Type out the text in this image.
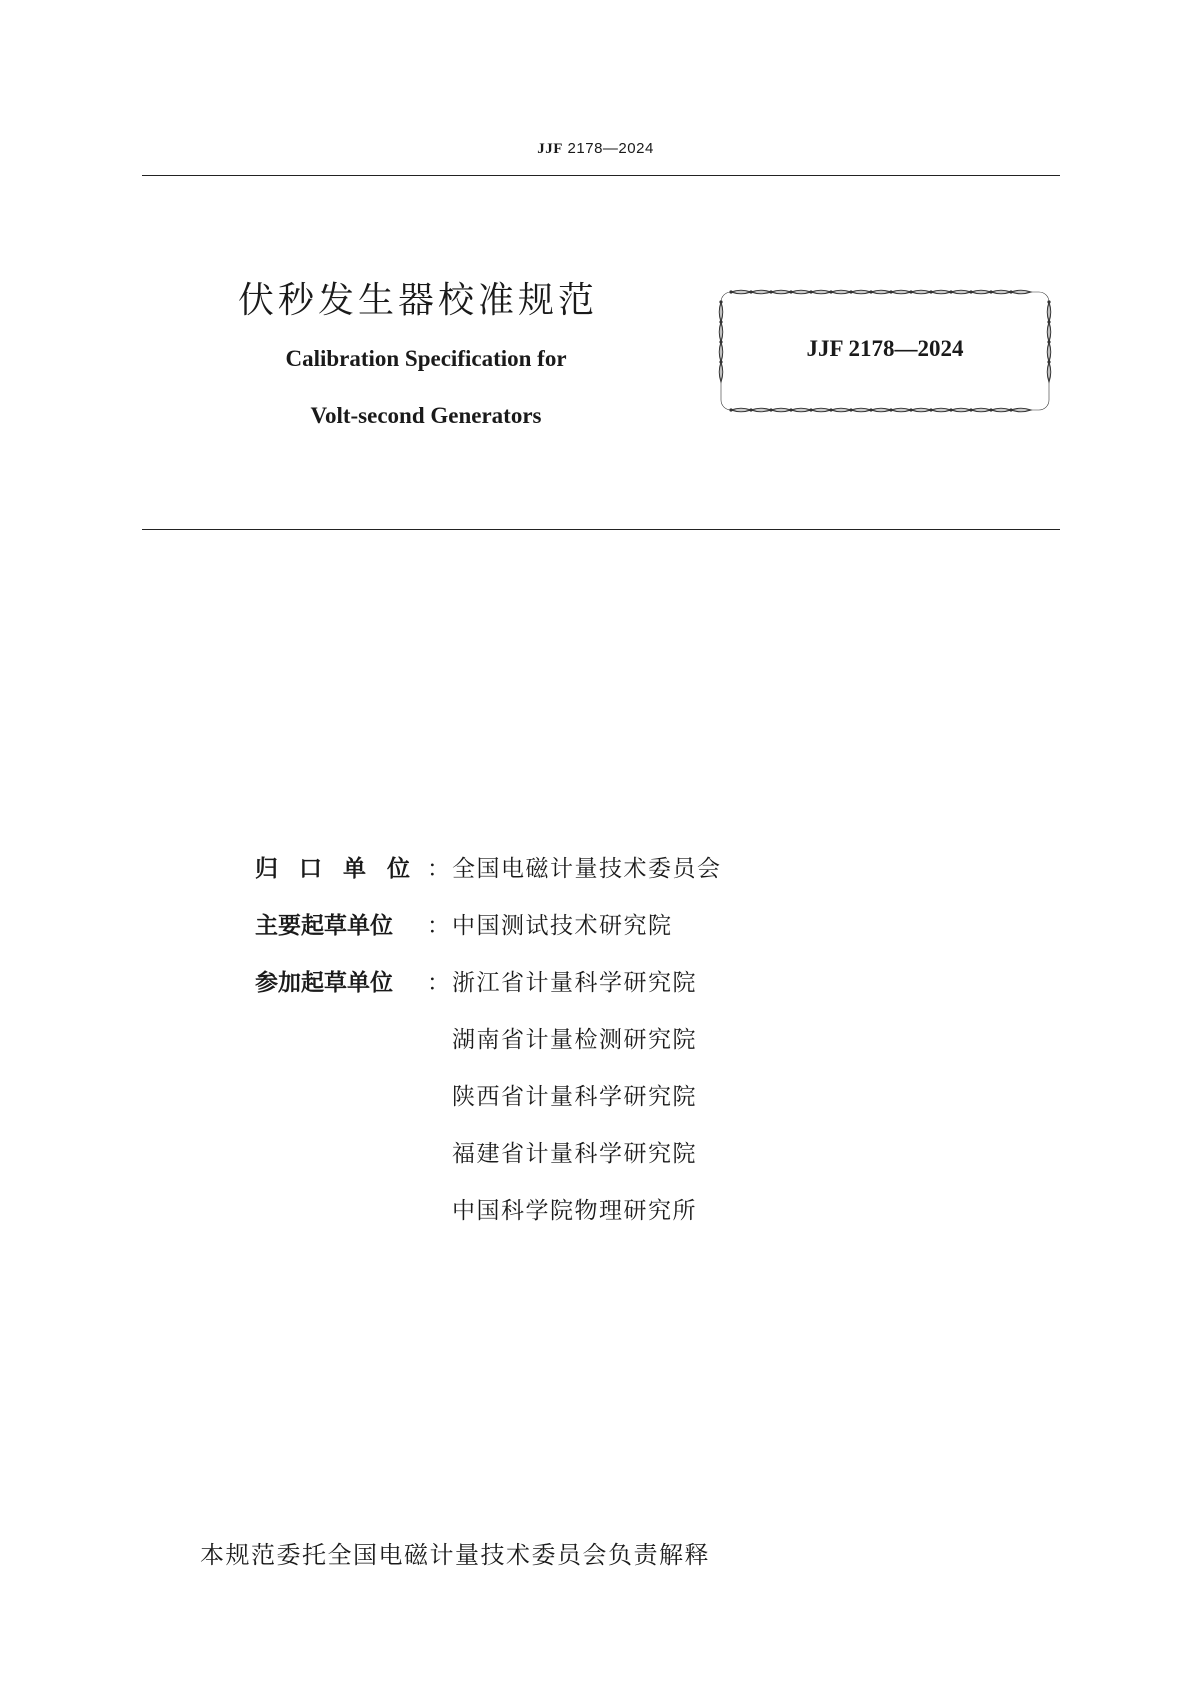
JJF 2178—2024
伏秒发生器校准规范
Calibration Specification for
Volt-second Generators
JJF 2178—2024
归口单位
： 全国电磁计量技术委员会
主要起草单位	： 中国测试技术研究院
参加起草单位	： 浙江省计量科学研究院
湖南省计量检测研究院
陕西省计量科学研究院
福建省计量科学研究院
中国科学院物理研究所
本规范委托全国电磁计量技术委员会负责解释
